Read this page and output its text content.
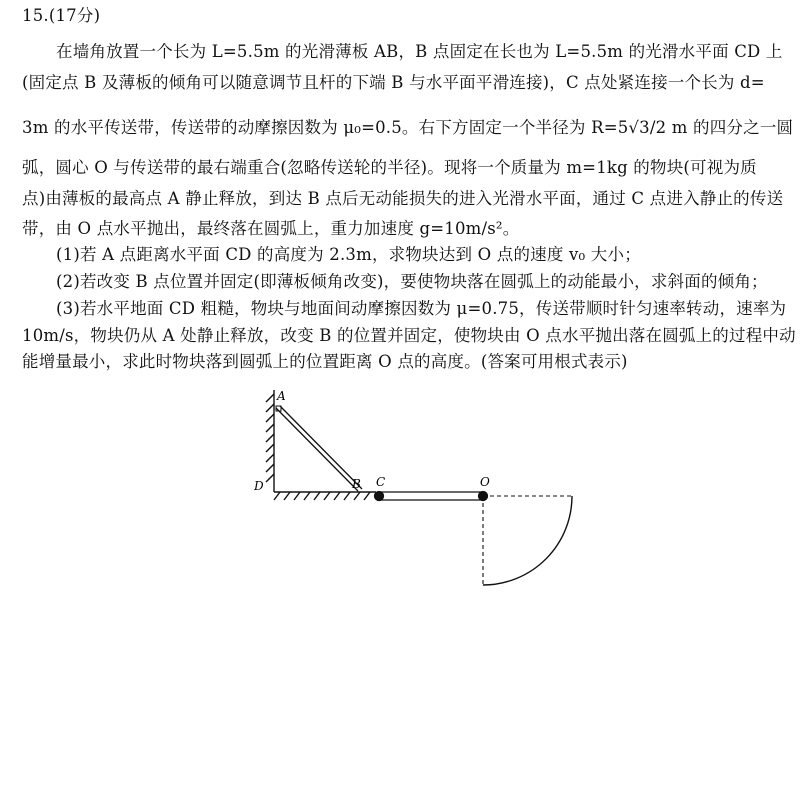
15.(17分)
在墙角放置一个长为 L=5.5m 的光滑薄板 AB，B 点固定在长也为 L=5.5m 的光滑水平面 CD 上
(固定点 B 及薄板的倾角可以随意调节且杆的下端 B 与水平面平滑连接)，C 点处紧连接一个长为 d=
3m 的水平传送带，传送带的动摩擦因数为 μ₀=0.5。右下方固定一个半径为 R=5√3/2 m 的四分之一圆
弧，圆心 O 与传送带的最右端重合(忽略传送轮的半径)。现将一个质量为 m=1kg 的物块(可视为质
点)由薄板的最高点 A 静止释放，到达 B 点后无动能损失的进入光滑水平面，通过 C 点进入静止的传送
带，由 O 点水平抛出，最终落在圆弧上，重力加速度 g=10m/s²。
(1)若 A 点距离水平面 CD 的高度为 2.3m，求物块达到 O 点的速度 v₀ 大小；
(2)若改变 B 点位置并固定(即薄板倾角改变)，要使物块落在圆弧上的动能最小，求斜面的倾角；
(3)若水平地面 CD 粗糙，物块与地面间动摩擦因数为 μ=0.75，传送带顺时针匀速率转动，速率为
10m/s，物块仍从 A 处静止释放，改变 B 的位置并固定，使物块由 O 点水平抛出落在圆弧上的过程中动
能增量最小，求此时物块落到圆弧上的位置距离 O 点的高度。(答案可用根式表示)
A
B C
D	O
